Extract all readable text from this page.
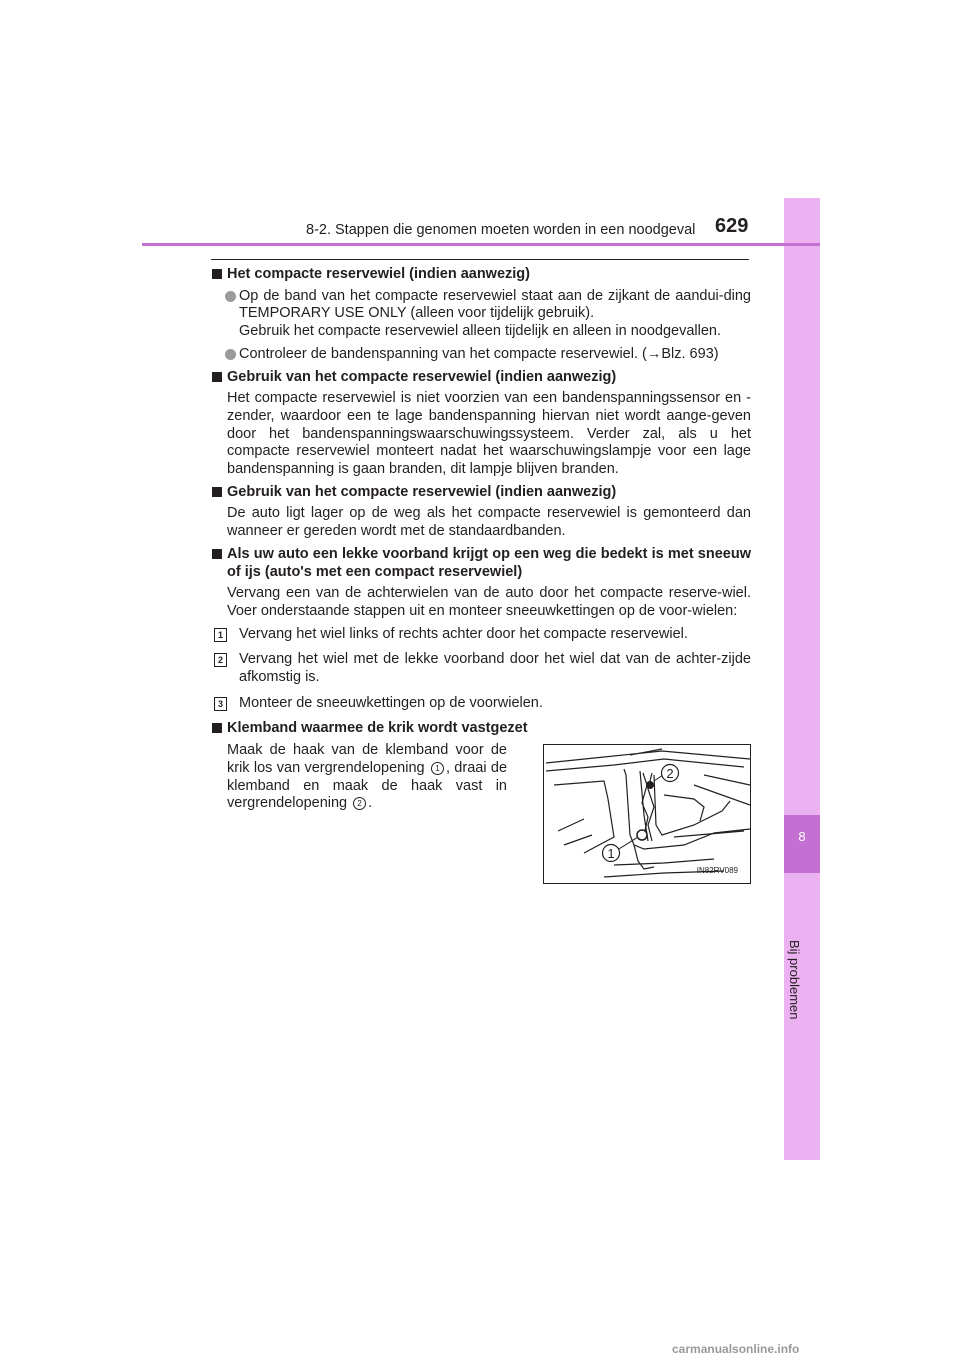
8
Bij problemen
8-2. Stappen die genomen moeten worden in een noodgeval 629
Het compacte reservewiel (indien aanwezig)
Op de band van het compacte reservewiel staat aan de zijkant de aandui-ding TEMPORARY USE ONLY (alleen voor tijdelijk gebruik).
Gebruik het compacte reservewiel alleen tijdelijk en alleen in noodgevallen.
Controleer de bandenspanning van het compacte reservewiel. (→Blz. 693)
Gebruik van het compacte reservewiel (indien aanwezig)
Het compacte reservewiel is niet voorzien van een bandenspanningssensor en -zender, waardoor een te lage bandenspanning hiervan niet wordt aange-geven door het bandenspanningswaarschuwingssysteem. Verder zal, als u het compacte reservewiel monteert nadat het waarschuwingslampje voor een lage bandenspanning is gaan branden, dit lampje blijven branden.
Gebruik van het compacte reservewiel (indien aanwezig)
De auto ligt lager op de weg als het compacte reservewiel is gemonteerd dan wanneer er gereden wordt met de standaardbanden.
Als uw auto een lekke voorband krijgt op een weg die bedekt is met sneeuw of ijs (auto's met een compact reservewiel)
Vervang een van de achterwielen van de auto door het compacte reserve-wiel. Voer onderstaande stappen uit en monteer sneeuwkettingen op de voor-wielen:
1 Vervang het wiel links of rechts achter door het compacte reservewiel.
2 Vervang het wiel met de lekke voorband door het wiel dat van de achter-zijde afkomstig is.
3 Monteer de sneeuwkettingen op de voorwielen.
Klemband waarmee de krik wordt vastgezet
Maak de haak van de klemband voor de krik los van vergrendelopening 1 , draai de klemband en maak de haak vast in vergrendelopening 2 .
1
2
IN82RV089
carmanualsonline.info
